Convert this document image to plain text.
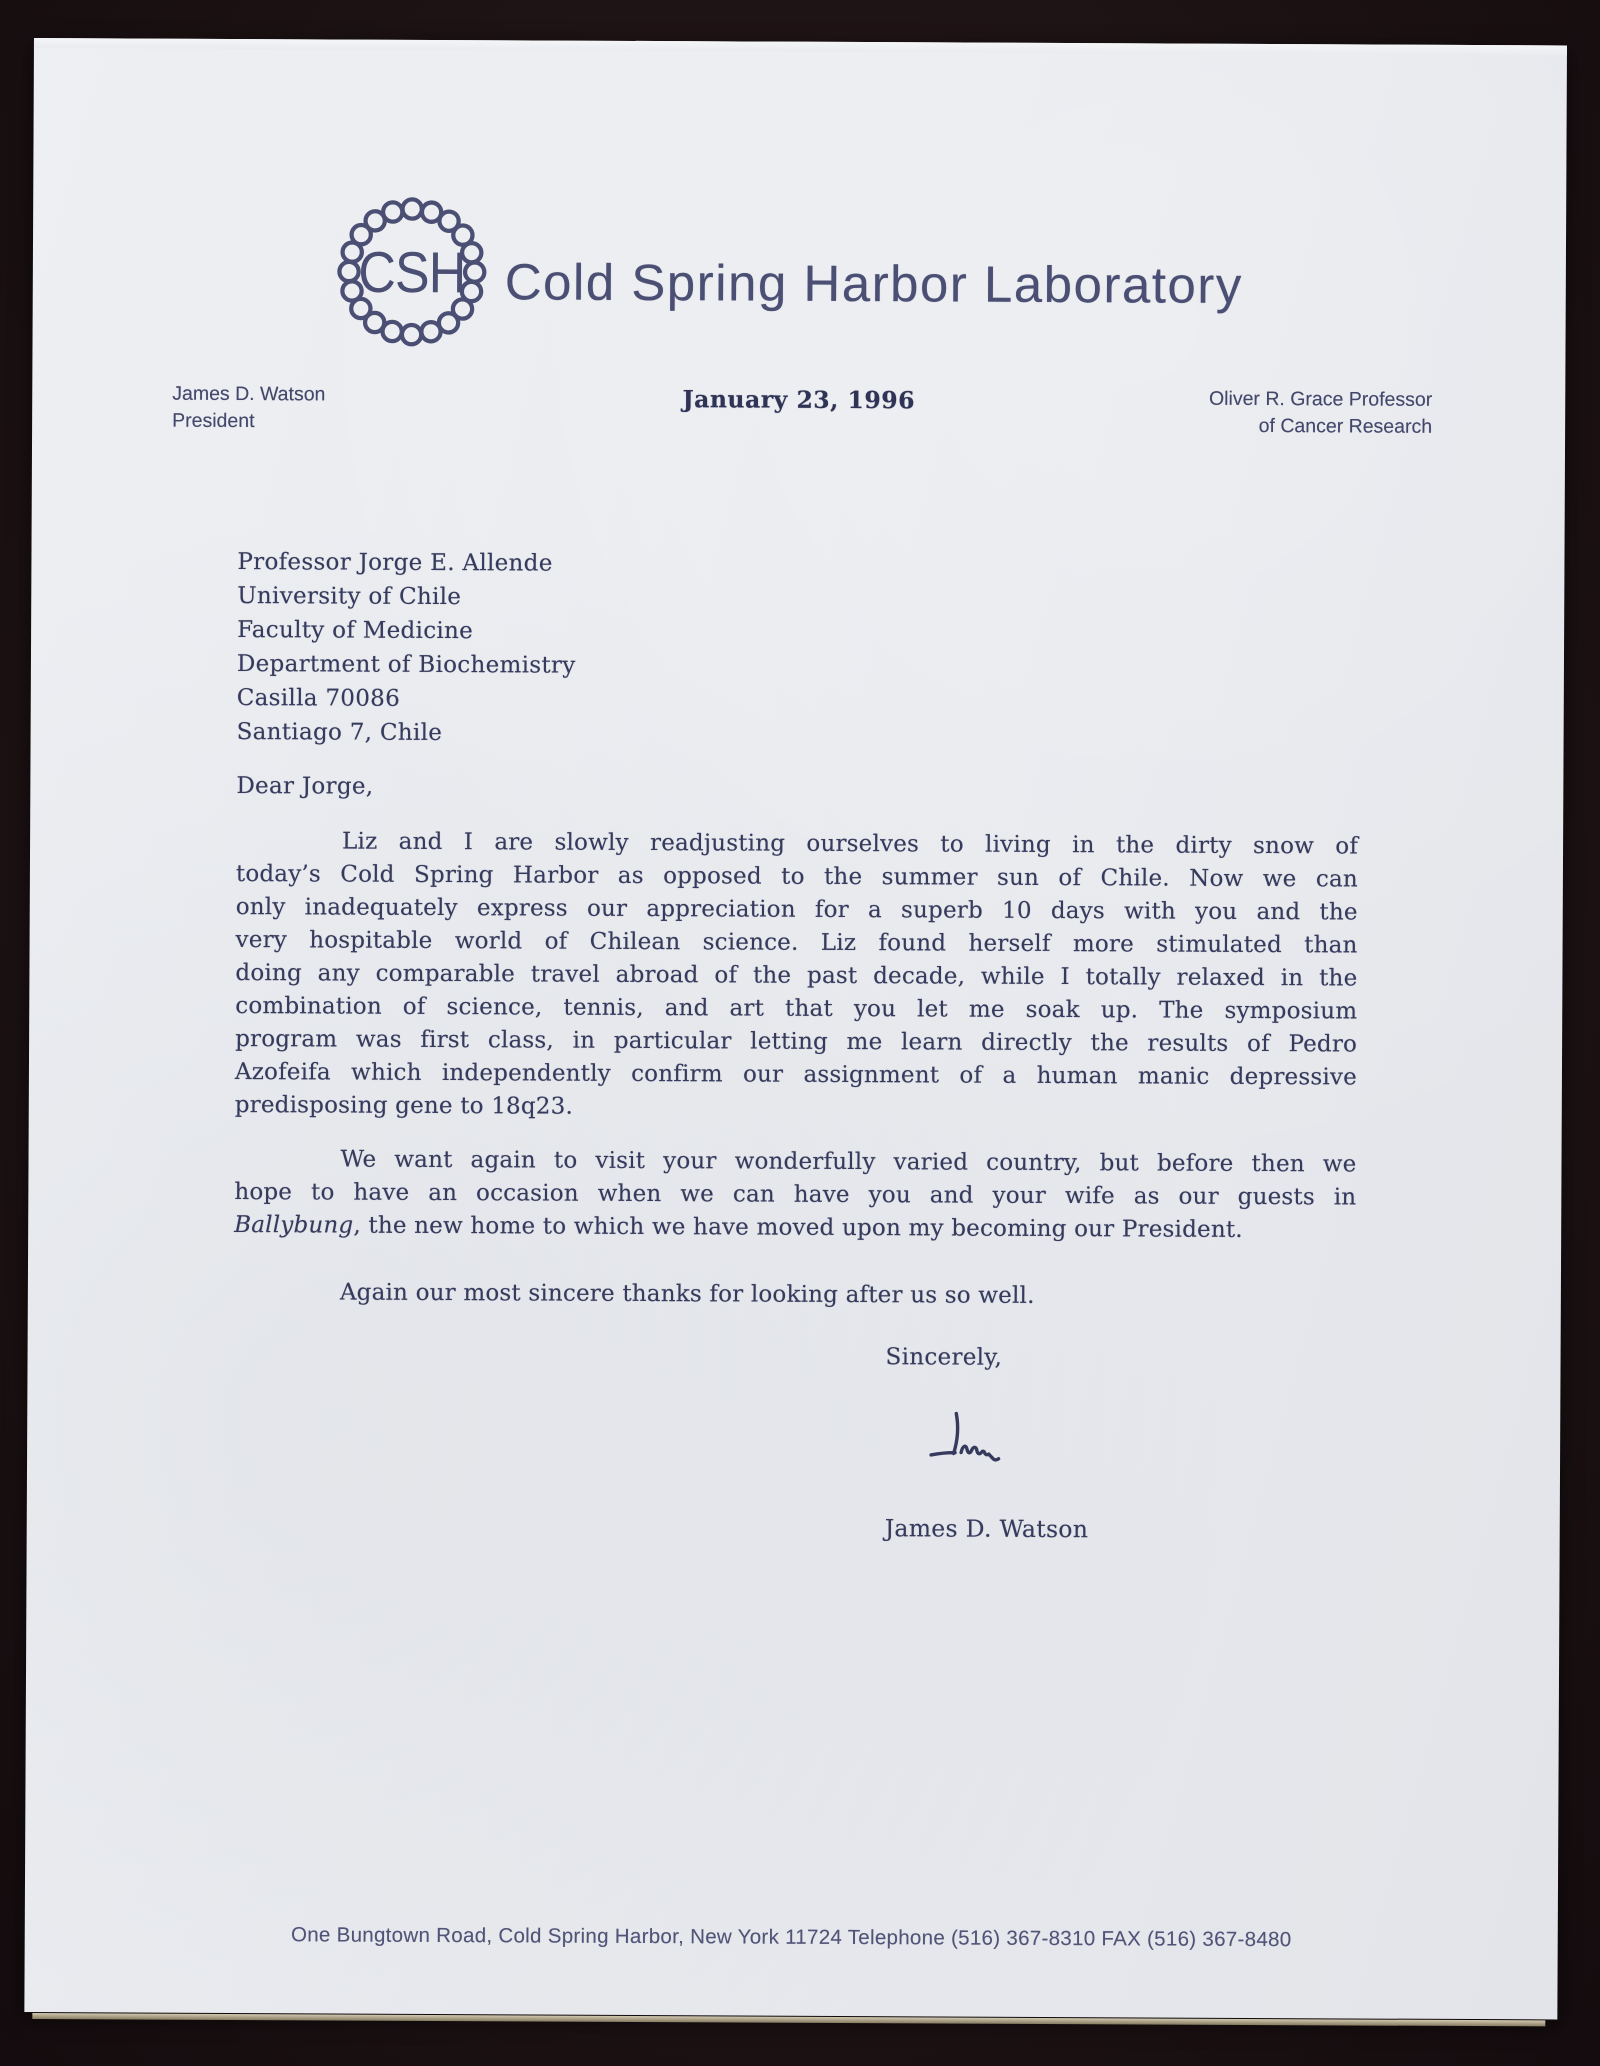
CSH Cold Spring Harbor Laboratory
James D. Watson
President
January 23, 1996	Oliver R. Grace Professor
of Cancer Research
Professor Jorge E. Allende
University of Chile
Faculty of Medicine
Department of Biochemistry
Casilla 70086
Santiago 7, Chile
Dear Jorge,
Liz and I are slowly readjusting ourselves to living in the dirty snow of
today’s Cold Spring Harbor as opposed to the summer sun of Chile. Now we can
only inadequately express our appreciation for a superb 10 days with you and the
very hospitable world of Chilean science. Liz found herself more stimulated than
doing any comparable travel abroad of the past decade, while I totally relaxed in the
combination of science, tennis, and art that you let me soak up. The symposium
program was first class, in particular letting me learn directly the results of Pedro
Azofeifa which independently confirm our assignment of a human manic depressive
predisposing gene to 18q23.
We want again to visit your wonderfully varied country, but before then we
hope to have an occasion when we can have you and your wife as our guests in
Ballybung, the new home to which we have moved upon my becoming our President.
Again our most sincere thanks for looking after us so well.
Sincerely,
James D. Watson
One Bungtown Road, Cold Spring Harbor, New York 11724 Telephone (516) 367-8310 FAX (516) 367-8480
